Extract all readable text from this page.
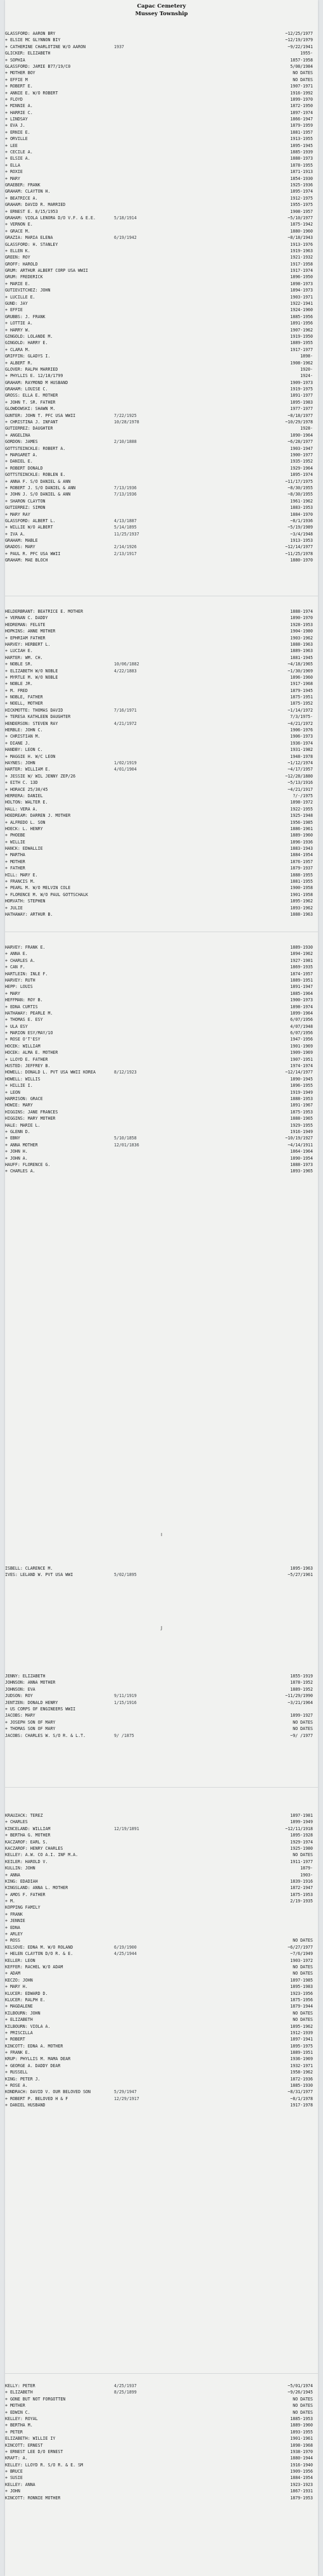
Capac Cemetery
Mussey Township
GLASSFORD: AARON BRY	~12/25/1977
+ ELSIE MC GLYNNON BIY	~12/19/1979
+ CATHERINE CHARLOTINE W/O AARON	1937	~9/22/1941
GLICKER: ELIZABETH	1955-
+ SOPHIA	1857-1958
GLASSFORD: JAMIE B77/19/C0	5/08/1984
+ MOTHER BOY	NO DATES
+ EFFIE M	NO DATES
+ ROBERT E.	1907-1971
+ ANNIE E. W/O ROBERT	1916-1992
+ FLOYD	1899-1970
+ MINNIE A.	1872-1950
+ HARRIE C.	1897-1974
+ LINDSAY	1866-1947
+ EVA J.	1879-1959
+ ERNIE E.	1881-1957
+ ORVILLE	1913-1955
+ LEE	1895-1945
+ CECILE A.	1885-1939
+ ELSIE A.	1888-1973
+ ELLA	1878-1955
+ ROXIE	1871-1913
+ MARY	1854-1930
GRAEBER: FRANK	1925-1936
GRAHAM: CLAYTON H.	1895-1974
+ BEATRICE A.	1912-1975
GRAHAM: DAVID R. MARRIED	1955-1975
+ ERNEST E. 8/15/1953	1908-1957
GRAHAM: VIOLA LENORA D/O V.F. & E.E.	5/18/1914	~5/10/1977
+ VERNON E.	1875-1942
+ GRACE M.	1880-1960
GRAZIA: MARIA ELENA	6/19/1942	~8/18/1943
GLASSFORD: H. STANLEY	1913-1976
+ ELLEN K.	1919-1963
GREEN: ROY	1921-1932
GROFF: HAROLD	1917-1958
GRUM: ARTHUR ALBERT CORP USA WWII	1917-1974
GRUM: FREDERICK	1896-1950
+ MARIE E.	1898-1973
GUTIEVITCHEZ: JOHN	1894-1973
+ LUCILLE E.	1903-1971
GUND: JAY	1922-1941
+ EFFIE	1924-1960
GRUBBS: J. FRANK	1885-1956
+ LOTTIE A.	1891-1956
+ HARRY W.	1907-1962
GINGOLD: LOLANDE M.	1919-1950
GINGOLD: HARRY E.	1889-1955
+ CLARA M.	1917-1977
GRIFFIN: GLADYS I.	1898-
+ ALBERT R.	1908-1962
GLOVER: RALPH MARRIED	1920-
+ PHYLLIS E. 12/18/1799	1924-
GRAHAM: RAYMOND M HUSBAND	1909-1973
GRAHAM: LOUISE C.	1919-1975
GROSS: ELLA E. MOTHER	1891-1977
+ JOHN T. SR. FATHER	1895-1983
GLOWDOWSKI: SHAWN M.	1977-1977
GUNTER: JOHN T. PFC USA WWII	7/22/1925	~8/18/1977
+ CHRISTINA J. INFANT	10/28/1978	~10/29/1978
GUTIERREZ: DAUGHTER	1928-
+ ANGELINA	1890-1964
GORDON: JAMES	2/10/1888	~6/28/1977
GOTTSTEINCKLE: ROBERT A.	1903-1947
+ MARGARET A.	1900-1977
+ DANIEL E.	1935-1952
+ ROBERT DONALD	1929-1964
GOTTSTEINCKLE: ROBLEN E.	1895-1974
+ ANNA F. S/O DANIEL & ANN	~11/17/1975
+ ROBERT J. S/O DANIEL & ANN	7/13/1936	~8/30/1955
+ JOHN J. S/O DANIEL & ANN	7/13/1936	~8/30/1955
+ SHARON CLAYTON	1961-1962
GUTIERREZ: SIMON	1883-1953
+ MARY RAY	1884-1970
GLASSFORD: ALBERT L.	4/13/1887	~8/1/1936
+ WILLIE W/O ALBERT	5/14/1895	~5/19/1989
+ IVA A.	11/25/1937	~3/4/1948
GRAHAM: MABLE	1913-1953
GRADOS: MARY	2/14/1926	~12/14/1977
+ PAUL R. PFC USA WWII	2/13/1917	~11/25/1978
GRAHAM: MAE BLOCH	1880-1970
HELDERBRANT: BEATRICE E. MOTHER	1888-1974
+ VERNAN C. DADDY	1890-1970
HEDREMAN: FELGTE	1928-1953
HOPKINS: ANNE MOTHER	1904-1980
+ EPHRIAM FATHER	1903-1962
HARVEY: HERBERT L.	1888-1963
+ LUCIAH E.	1889-1963
HARTER: WM. CH.	1881-1945
+ NOBLE SR.	10/06/1882	~4/18/1965
+ ELIZABETH W/O NOBLE	4/22/1883	~1/30/1969
+ MYRTLE M. W/O NOBLE	1896-1960
+ NOBLE JR.	1917-1968
+ M. FRED	1879-1945
+ NOBLE, FATHER	1875-1951
+ NOELL, MOTHER	1875-1952
HICKMOTTE: THOMAS DAVID	7/16/1971	~1/14/1972
+ TERESA KATHLEEN DAUGHTER	7/3/1975-
HENDERSON: STEVEN RAY	4/21/1972	~4/21/1972
HERBLE: JOHN C.	1906-1976
+ CHRISTIAN M.	1906-1973
+ DIANE J.	1936-1974
HANDBY: LEON C.	1931-1982
+ MAGGIE H. W/C LEON	1948-1978
HAYNES: JOHN	1/02/1919	~1/12/1974
HARTER: WILLIAM E.	4/01/1904	~4/17/1957
+ JESSIE W/ WIL JENNY ZEP/26	~12/28/1880
+ EITH C. 13D	~5/13/1916
+ HORACE 25/30/45	~4/21/1917
HERRERA: DANIEL	?/-/1975
HOLTON: WALTER E.	1898-1972
HALL: VERA A.	1922-1955
HOEDREAM: DARREN J. MOTHER	1925-1948
+ ALFREDO L. SON	1956-1985
HOECK: L. HENRY	1886-1961
+ PHOEBE	1889-1960
+ WILLIE	1896-1936
HANCK: EDWALLIE	1883-1943
+ MARTHA	1884-1954
+ MOTHER	1876-1957
+ FATHER	1879-1937
HILL: MARY E.	1888-1955
+ FRANCIS M.	1881-1955
+ PEARL M. W/O MELVIN COLE	1900-1958
+ FLORENCE M. W/O PAUL GOTTSCHALK	1901-1958
HORVATH: STEPHEN	1895-1962
+ JULIE	1893-1962
HATHAWAY: ARTHUR B.	1888-1963
HARVEY: FRANK E.	1889-1930
+ ANNA E.	1894-1962
+ CHARLES A.	1927-1981
+ CAN F.	1869-1935
HARTLEIN: INLE F.	1874-1957
HARVEY: RUTH	1889-1951
HEPP: LOUIS	1891-1947
+ MARY	1885-1964
HEFFMAN: ROY B.	1900-1973
+ EDNA CURTIS	1898-1974
HATHAWAY: PEARLE M.	1899-1964
+ THOMAS E. ESY	6/07/1956
+ ULA ESY	4/07/1948
+ MARION ESY/MAY/1O	6/07/1956
+ ROSE O'T'ESY	1947-1956
HOCEK: WILLIAM	1901-1969
HOCEK: ALMA E. MOTHER	1909-1969
+ LLOYD E. FATHER	1907-1951
HUSTED: JEFFREY B.	1974-1974
HOWELL: DONALD L. PVT USA WWII KOREA	8/12/1923	~12/14/1977
HOWELL: WILLIS	1890-1945
+ HILLIE I.	1896-1955
+ LEON	1919-1949
HARRISON: GRACE	1888-1953
HOWIE: MARY	1891-1967
HIGGINS: JANE FRANCES	1875-1953
HIGGINS: MARY MOTHER	1888-1965
HALE: MARIE L.	1929-1955
+ GLENN D.	1916-1949
+ EBNY	5/10/1858	~10/19/1927
+ ANNA MOTHER	12/01/1836	~4/14/1911
+ JOHN H.	1864-1964
+ JOHN A.	1890-1954
HAUFF: FLORENCE G.	1888-1973
+ CHARLES A.	1893-1965
I
ISBELL: CLARENCE M.	1895-1963
IVES: LELAND W. PVT USA WWI	5/02/1895	~5/27/1961
J
JENNY: ELIZABETH	1855-1919
JOHNSON: ANNA MOTHER	1878-1952
JOHNSON: EVA	1889-1952
JUDSON: ROY	9/11/1919	~11/29/1990
JENTZEN: DONALD HENRY	1/15/1916	~3/21/1964
+ US CORPS OF ENGINEERS WWII
JACOBS: MARY	1899-1927
+ JOSEPH SON OF MARY	NO DATES
+ THOMAS SON OF MARY	NO DATES
JACOBS: CHARLES W. S/O R. & L.T.	9/ /1875	~9/ /1977
KRAUZACK: TEREZ	1897-1981
+ CHARLES	1899-1949
KINCELAND: WILLIAM	12/19/1891	~12/11/1918
+ BERTHA G. MOTHER	1895-1928
KACZAROF: EARL S.	1929-1974
KACZAROF: HENRY CHARLES	1925-1980
KELLEY: A.W. CO A.I. INF M.A.	NO DATES
KEILER: HAROLD V.	1911-1977
KULLIN: JOHN	1879-
+ ANNA	1903-
KING: EDADIAH	1839-1916
KINGSLAND: ANNA L. MOTHER	1872-1947
+ AMOS F. FATHER	1875-1953
+ M.	2/19-1935
KOPPING FAMILY
+ FRANK
+ JENNIE
+ EDNA
+ ARLEY
+ ROSS	NO DATES
KELSOVE: EDNA M. W/O ROLAND	6/19/1900	~6/27/1977
+ HELEN CLAYTON D/O R. & E.	4/25/1944	~7/6/1949
KELLER: LEON	1903-1972
KEFFER: RACHEL W/O ADAM	NO DATES
+ ADAM	NO DATES
KECZO: JOHN	1897-1985
+ MARY H.	1895-1983
KLUCER: EDWARD D.	1923-1956
KLUCER: RALPH E.	1875-1956
+ MAGDALENE	1879-1944
KILBOURN: JOHN	NO DATES
+ ELIZABETH	NO DATES
KILBOURN: VIOLA A.	1895-1962
+ PRISCILLA	1912-1939
+ ROBERT	1897-1941
KINCOTT: EDNA A. MOTHER	1895-1975
+ FRANK E.	1889-1951
KRUP: PHYLLIS M. MAMA DEAR	1936-1969
+ GEORGE A. DADDY DEAR	1932-1971
+ RUSSELL	1958-1962
KING: PETER J.	1872-1936
+ ROSE A.	1885-1930
KONDRACH: DAVID V. OUR BELOVED SON	5/29/1947	~8/31/1977
+ ROBERT P. BELOVED H & F	12/29/1917	~8/1/1978
+ DANIEL HUSBAND	1917-1978
KELLY: PETER	4/25/1937	~5/01/1974
+ ELIZABETH	8/25/1899	~9/26/1945
+ GONE BUT NOT FORGOTTEN	NO DATES
+ MOTHER	NO DATES
+ EDWIN C.	NO DATES
KELLEY: ROYAL	1885-1953
+ BERTHA M.	1889-1960
+ PETER	1893-1955
ELIZABETH: WILLIE IY	1901-1961
KINCOTT: ERNEST	1898-1968
+ ERNEST LEE D/O ERNEST	1938-1970
KRAFT: A.	1880-1944
KELLEY: LLOYD R. S/O R. & E. SM	1916-1940
+ BRUCE	1909-1956
+ SUSIE	1884-1954
KELLEY: ANNA	1923-1923
+ JOHN	1867-1931
KINCOTT: RONNIE MOTHER	1879-1953
